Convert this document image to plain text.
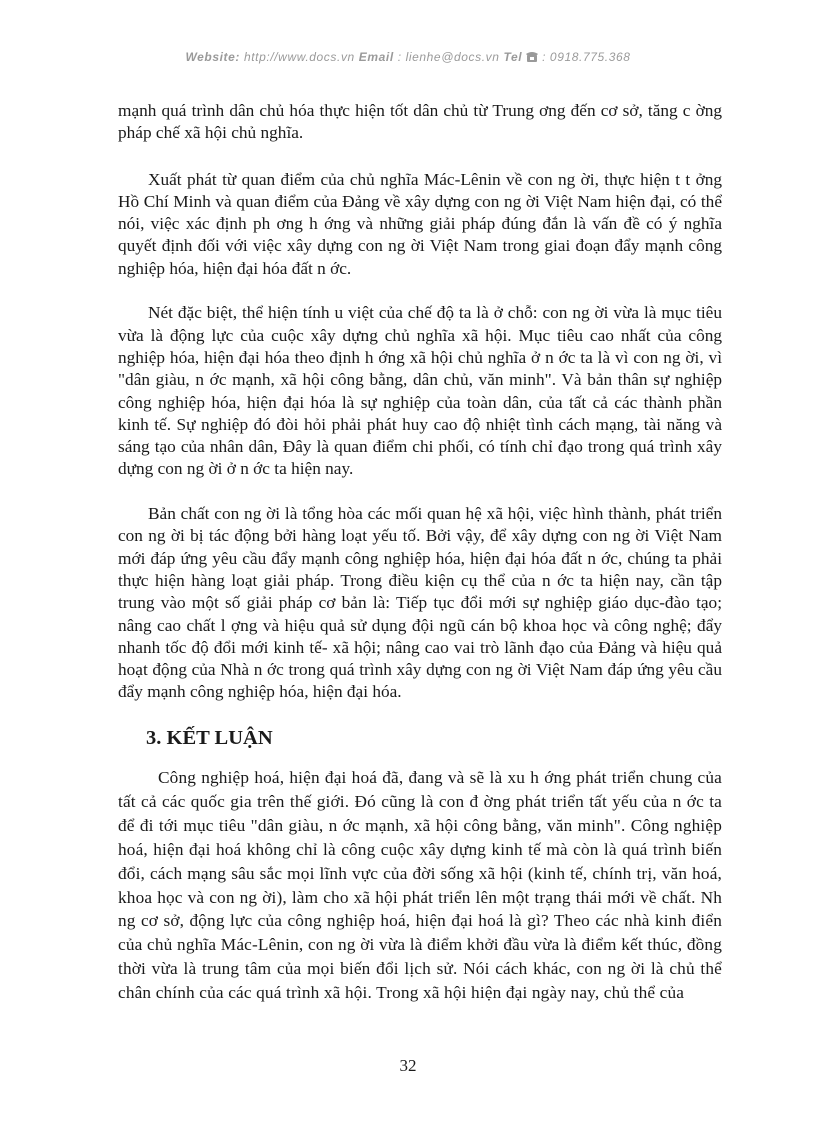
Website: http://www.docs.vn Email : lienhe@docs.vn Tel : 0918.775.368

mạnh quá trình dân chủ hóa thực hiện tốt dân chủ từ Trung ơng đến cơ sở, tăng c ờng pháp chế xã hội chủ nghĩa.

Xuất phát từ quan điểm của chủ nghĩa Mác-Lênin về con ng ời, thực hiện t t ởng Hồ Chí Minh và quan điểm của Đảng về xây dựng con ng ời Việt Nam hiện đại, có thể nói, việc xác định ph ơng h ớng và những giải pháp đúng đắn là vấn đề có ý nghĩa quyết định đối với việc xây dựng con ng ời Việt Nam trong giai đoạn đẩy mạnh công nghiệp hóa, hiện đại hóa đất n ớc.

Nét đặc biệt, thể hiện tính u việt của chế độ ta là ở chỗ: con ng ời vừa là mục tiêu vừa là động lực của cuộc xây dựng chủ nghĩa xã hội. Mục tiêu cao nhất của công nghiệp hóa, hiện đại hóa theo định h ớng xã hội chủ nghĩa ở n ớc ta là vì con ng ời, vì "dân giàu, n ớc mạnh, xã hội công bằng, dân chủ, văn minh". Và bản thân sự nghiệp công nghiệp hóa, hiện đại hóa là sự nghiệp của toàn dân, của tất cả các thành phần kinh tế. Sự nghiệp đó đòi hỏi phải phát huy cao độ nhiệt tình cách mạng, tài năng và sáng tạo của nhân dân, Đây là quan điểm chi phối, có tính chỉ đạo trong quá trình xây dựng con ng ời ở n ớc ta hiện nay.

Bản chất con ng ời là tổng hòa các mối quan hệ xã hội, việc hình thành, phát triển con ng ời bị tác động bởi hàng loạt yếu tố. Bởi vậy, để xây dựng con ng ời Việt Nam mới đáp ứng yêu cầu đẩy mạnh công nghiệp hóa, hiện đại hóa đất n ớc, chúng ta phải thực hiện hàng loạt giải pháp. Trong điều kiện cụ thể của n ớc ta hiện nay, cần tập trung vào một số giải pháp cơ bản là: Tiếp tục đổi mới sự nghiệp giáo dục-đào tạo; nâng cao chất l ợng và hiệu quả sử dụng đội ngũ cán bộ khoa học và công nghệ; đẩy nhanh tốc độ đổi mới kinh tế- xã hội; nâng cao vai trò lãnh đạo của Đảng và hiệu quả hoạt động của Nhà n ớc trong quá trình xây dựng con ng ời Việt Nam đáp ứng yêu cầu đẩy mạnh công nghiệp hóa, hiện đại hóa.

3. KẾT LUẬN

Công nghiệp hoá, hiện đại hoá đã, đang và sẽ là xu h ớng phát triển chung của tất cả các quốc gia trên thế giới. Đó cũng là con đ ờng phát triển tất yếu của n ớc ta để đi tới mục tiêu "dân giàu, n ớc mạnh, xã hội công bằng, văn minh". Công nghiệp hoá, hiện đại hoá không chỉ là công cuộc xây dựng kinh tế mà còn là quá trình biến đổi, cách mạng sâu sắc mọi lĩnh vực của đời sống xã hội (kinh tế, chính trị, văn hoá, khoa học và con ng ời), làm cho xã hội phát triển lên một trạng thái mới về chất. Nh ng cơ sở, động lực của công nghiệp hoá, hiện đại hoá là gì? Theo các nhà kinh điển của chủ nghĩa Mác-Lênin, con ng ời vừa là điểm khởi đầu vừa là điểm kết thúc, đồng thời vừa là trung tâm của mọi biến đổi lịch sử. Nói cách khác, con ng ời là chủ thể chân chính của các quá trình xã hội. Trong xã hội hiện đại ngày nay, chủ thể của

32
